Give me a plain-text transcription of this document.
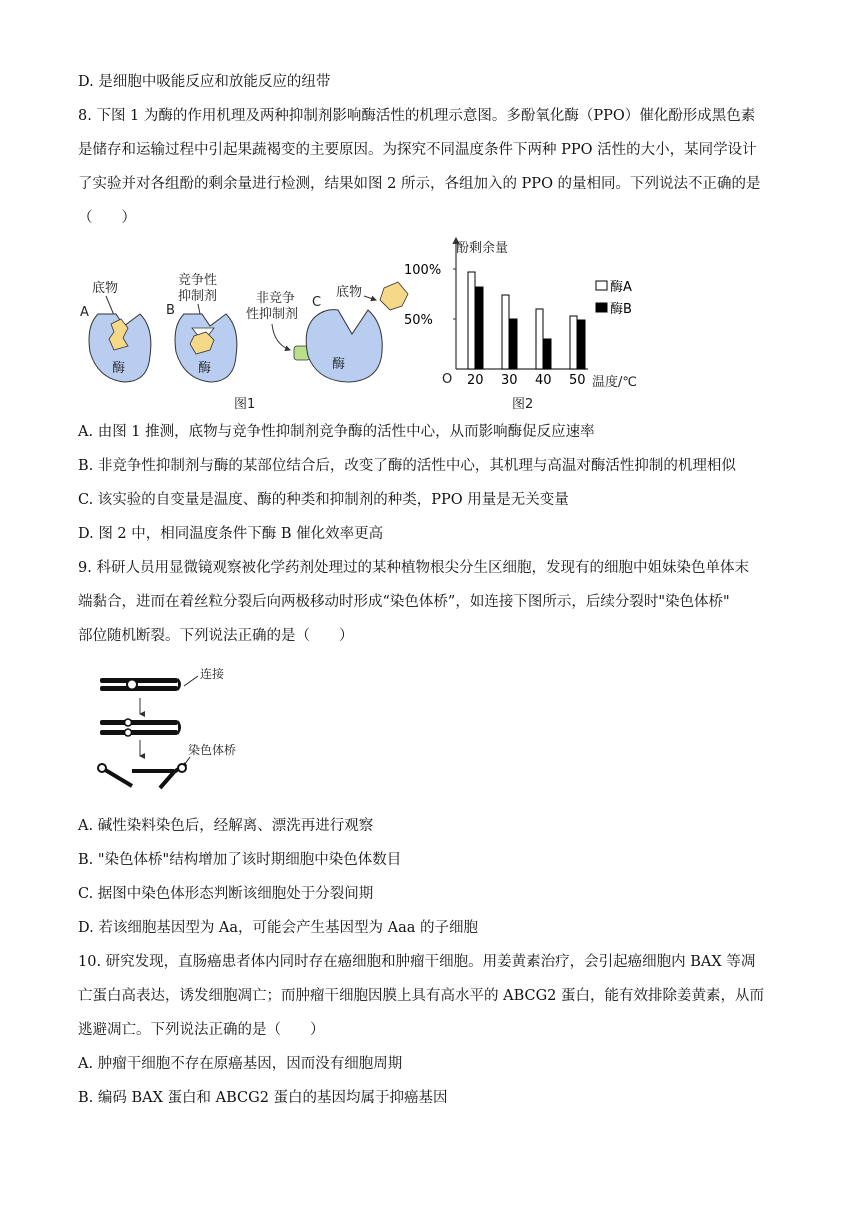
D. 是细胞中吸能反应和放能反应的纽带
8. 下图 1 为酶的作用机理及两种抑制剂影响酶活性的机理示意图。多酚氧化酶（PPO）催化酚形成黑色素
是储存和运输过程中引起果蔬褐变的主要原因。为探究不同温度条件下两种 PPO 活性的大小，某同学设计
了实验并对各组酚的剩余量进行检测，结果如图 2 所示，各组加入的 PPO 的量相同。下列说法不正确的是
（　　）
A
底物
酶
B
竞争性
抑制剂
酶
非竞争
性抑制剂
C
酶
底物
图1
酚剩余量
O	温度/℃
图2
50%
100%
20 30 40 50
酶A
酶B
A. 由图 1 推测，底物与竞争性抑制剂竞争酶的活性中心，从而影响酶促反应速率
B. 非竞争性抑制剂与酶的某部位结合后，改变了酶的活性中心，其机理与高温对酶活性抑制的机理相似
C. 该实验的自变量是温度、酶的种类和抑制剂的种类，PPO 用量是无关变量
D. 图 2 中，相同温度条件下酶 B 催化效率更高
9. 科研人员用显微镜观察被化学药剂处理过的某种植物根尖分生区细胞，发现有的细胞中姐妹染色单体末
端黏合，进而在着丝粒分裂后向两极移动时形成“染色体桥”，如连接下图所示，后续分裂时"染色体桥"
部位随机断裂。下列说法正确的是（　　）
连接
染色体桥
A. 碱性染料染色后，经解离、漂洗再进行观察
B. "染色体桥"结构增加了该时期细胞中染色体数目
C. 据图中染色体形态判断该细胞处于分裂间期
D. 若该细胞基因型为 Aa，可能会产生基因型为 Aaa 的子细胞
10. 研究发现，直肠癌患者体内同时存在癌细胞和肿瘤干细胞。用姜黄素治疗，会引起癌细胞内 BAX 等凋
亡蛋白高表达，诱发细胞凋亡；而肿瘤干细胞因膜上具有高水平的 ABCG2 蛋白，能有效排除姜黄素，从而
逃避凋亡。下列说法正确的是（　　）
A. 肿瘤干细胞不存在原癌基因，因而没有细胞周期
B. 编码 BAX 蛋白和 ABCG2 蛋白的基因均属于抑癌基因
